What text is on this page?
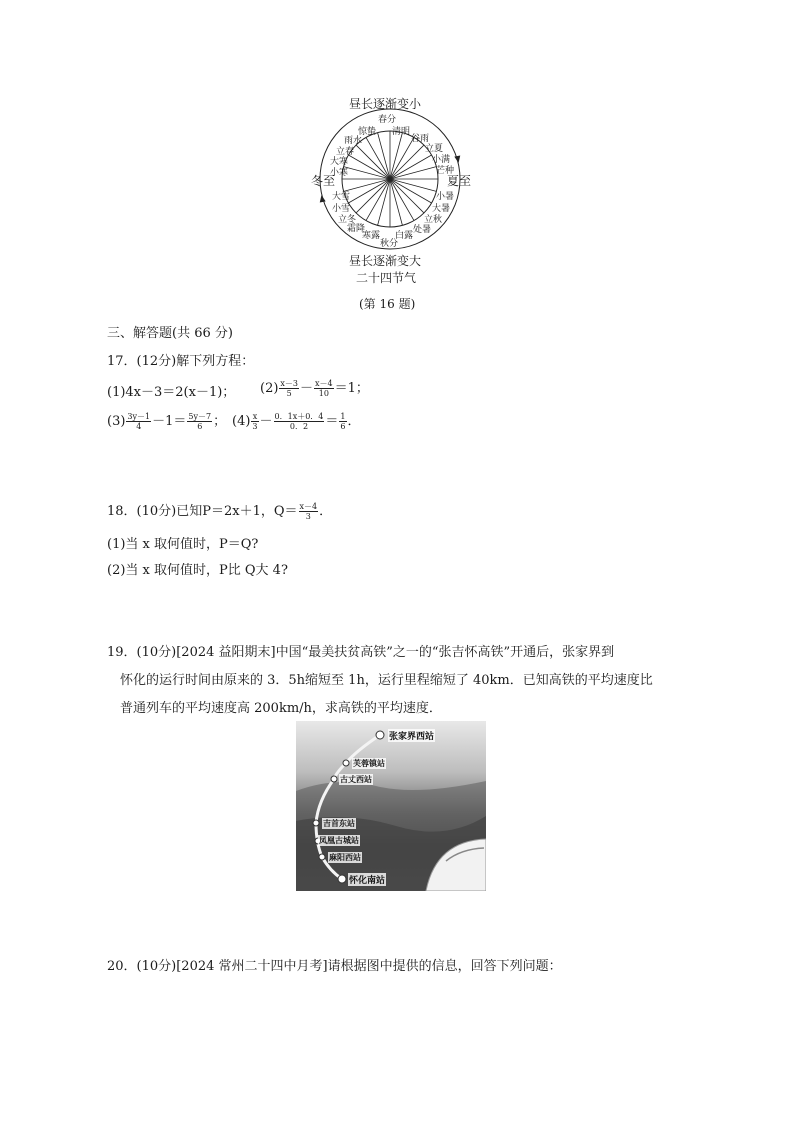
昼长逐渐变小
冬至	夏至
昼长逐渐变大
二十四节气
(第 16 题)
春分
惊蛰 清明
雨水	谷雨
立春	立夏
大寒	小满
小寒	芒种
小暑
大雪
大暑
小雪
立秋
立冬
处暑
霜降
白露
寒露
秋分
三、解答题(共 66 分)
17．(12分)解下列方程：
(1)4x－3＝2(x－1)； $(2) \frac{x-3}{5} - \frac{x-4}{10} =1$；
$(3) \frac{3y-1}{4} -1= \frac{5y-7}{6}$ ； $(4) \frac{x}{3} - \frac{0.1x+0.4}{0.2} = \frac{1}{6}$ ．
18．(10分)已知P＝2x＋1，$Q= \frac{x-4}{3}$ ．
(1)当 x 取何值时，P＝Q?
(2)当 x 取何值时，P比 Q大 4?
19．(10分)[2024 益阳期末]中国“最美扶贫高铁”之一的“张吉怀高铁”开通后，张家界到
怀化的运行时间由原来的 3．5h缩短至 1h，运行里程缩短了 40km．已知高铁的平均速度比
普通列车的平均速度高 200km/h，求高铁的平均速度．
张家界西站
芙蓉镇站
古丈西站
吉首东站
凤凰古城站
麻阳西站
怀化南站
20．(10分)[2024 常州二十四中月考]请根据图中提供的信息，回答下列问题：
